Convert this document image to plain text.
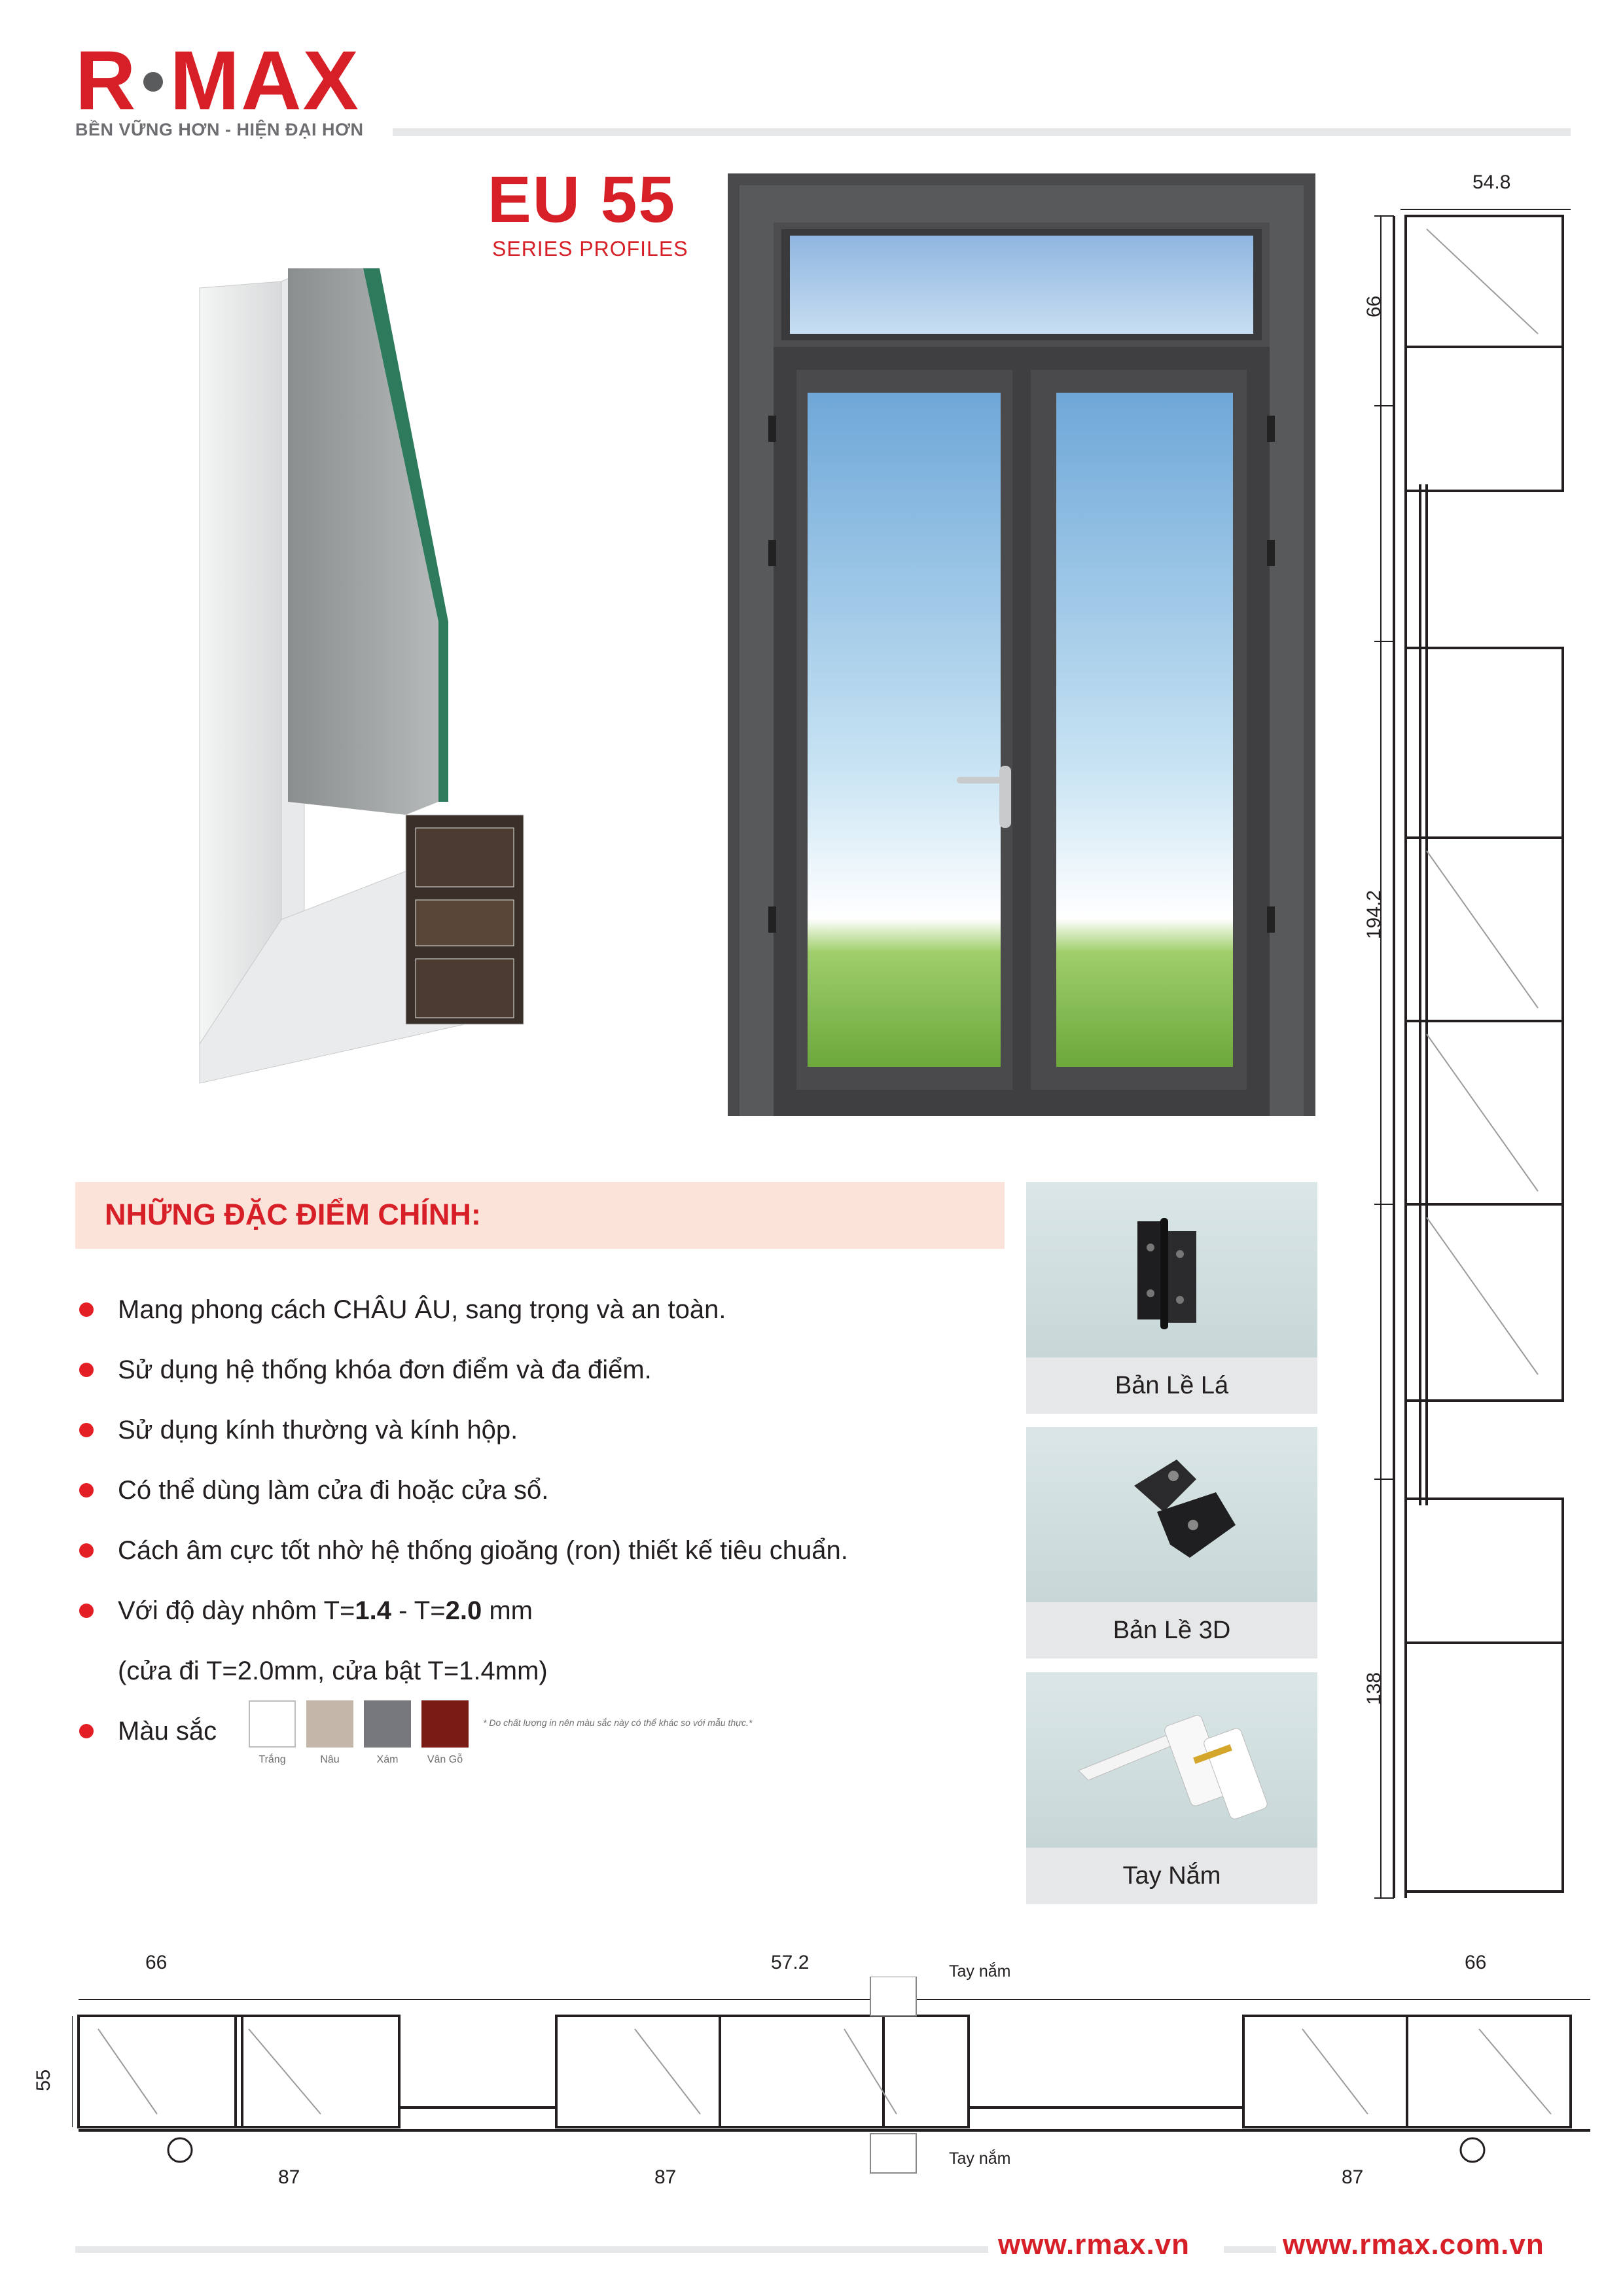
R MAX
BỀN VỮNG HƠN - HIỆN ĐẠI HƠN
EU 55
SERIES PROFILES
54.8
66
194.2
138
NHỮNG ĐẶC ĐIỂM CHÍNH:
Mang phong cách CHÂU ÂU, sang trọng và an toàn.
Sử dụng hệ thống khóa đơn điểm và đa điểm.
Sử dụng kính thường và kính hộp.
Có thể dùng làm cửa đi hoặc cửa sổ.
Cách âm cực tốt nhờ hệ thống gioăng (ron) thiết kế tiêu chuẩn.
Với độ dày nhôm T=1.4 - T=2.0 mm
(cửa đi T=2.0mm, cửa bật T=1.4mm)
Màu sắc
Trắng	Nâu	Xám	Vân Gỗ
* Do chất lượng in nên màu sắc này có thể khác so với mẫu thực.*
Bản Lề Lá
Bản Lề 3D
Tay Nắm
66	57.2	66
55
87	87	87
Tay nắm
Tay nắm
www.rmax.vn	www.rmax.com.vn
